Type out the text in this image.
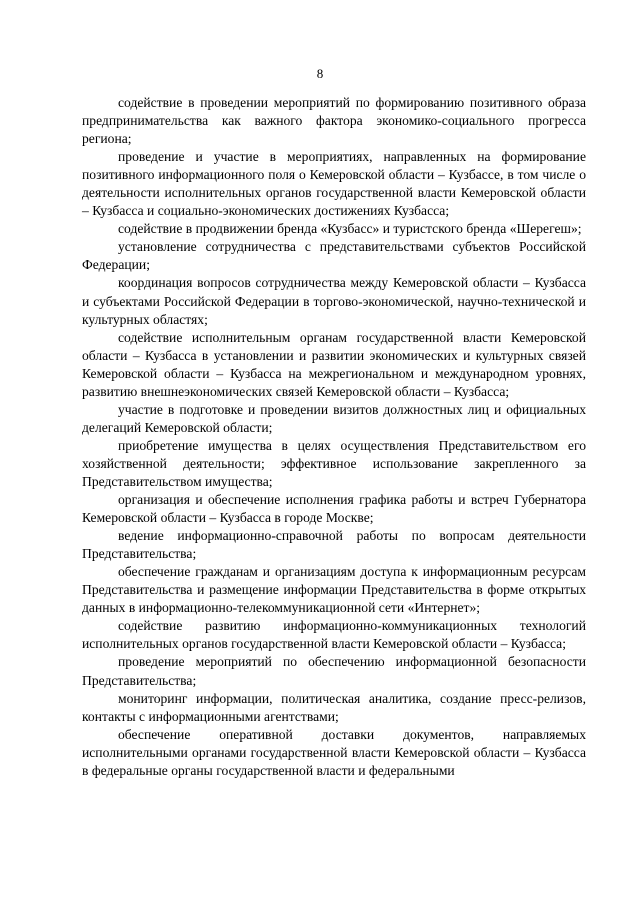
8

содействие в проведении мероприятий по формированию позитивного образа предпринимательства как важного фактора экономико-социального прогресса региона;

проведение и участие в мероприятиях, направленных на формирование позитивного информационного поля о Кемеровской области – Кузбассе, в том числе о деятельности исполнительных органов государственной власти Кемеровской области – Кузбасса и социально-экономических достижениях Кузбасса;

содействие в продвижении бренда «Кузбасс» и туристского бренда «Шерегеш»;

установление сотрудничества с представительствами субъектов Российской Федерации;

координация вопросов сотрудничества между Кемеровской области – Кузбасса и субъектами Российской Федерации в торгово-экономической, научно-технической и культурных областях;

содействие исполнительным органам государственной власти Кемеровской области – Кузбасса в установлении и развитии экономических и культурных связей Кемеровской области – Кузбасса на межрегиональном и международном уровнях, развитию внешнеэкономических связей Кемеровской области – Кузбасса;

участие в подготовке и проведении визитов должностных лиц и официальных делегаций Кемеровской области;

приобретение имущества в целях осуществления Представительством его хозяйственной деятельности; эффективное использование закрепленного за Представительством имущества;

организация и обеспечение исполнения графика работы и встреч Губернатора Кемеровской области – Кузбасса в городе Москве;

ведение информационно-справочной работы по вопросам деятельности Представительства;

обеспечение гражданам и организациям доступа к информационным ресурсам Представительства и размещение информации Представительства в форме открытых данных в информационно-телекоммуникационной сети «Интернет»;

содействие развитию информационно-коммуникационных технологий исполнительных органов государственной власти Кемеровской области – Кузбасса;

проведение мероприятий по обеспечению информационной безопасности Представительства;

мониторинг информации, политическая аналитика, создание пресс-релизов, контакты с информационными агентствами;

обеспечение оперативной доставки документов, направляемых исполнительными органами государственной власти Кемеровской области – Кузбасса в федеральные органы государственной власти и федеральными
